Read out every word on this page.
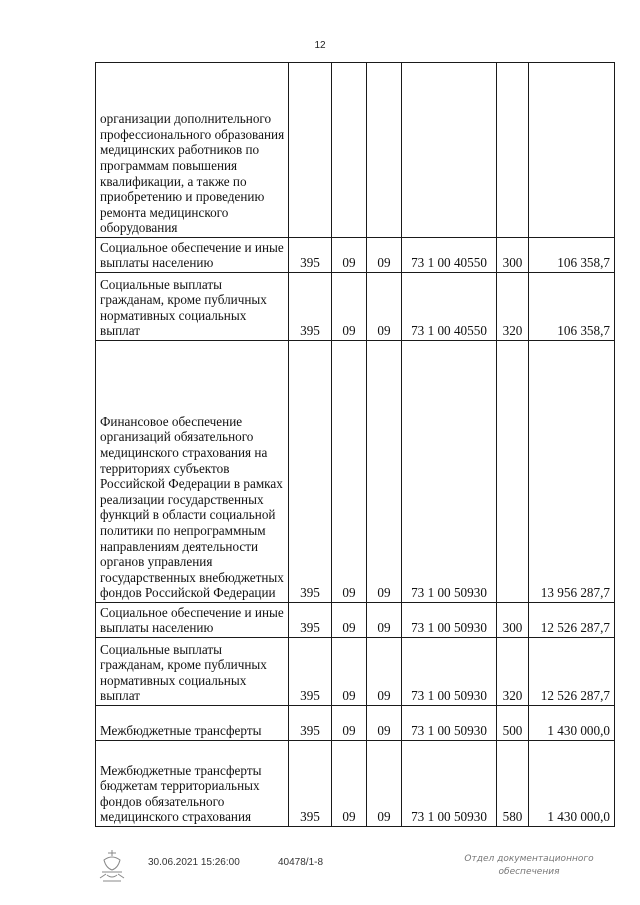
12
организации дополнительного профессионального образования медицинских работников по программам повышения квалификации, а также по приобретению и проведению ремонта медицинского оборудования						
Социальное обеспечение и иные выплаты населению	395	09	09	73 1 00 40550	300	106 358,7
Социальные выплаты гражданам, кроме публичных нормативных социальных выплат	395	09	09	73 1 00 40550	320	106 358,7
Финансовое обеспечение организаций обязательного медицинского страхования на территориях субъектов Российской Федерации в рамках реализации государственных функций в области социальной политики по непрограммным направлениям деятельности органов управления государственных внебюджетных фондов Российской Федерации	395	09	09	73 1 00 50930		13 956 287,7
Социальное обеспечение и иные выплаты населению	395	09	09	73 1 00 50930	300	12 526 287,7
Социальные выплаты гражданам, кроме публичных нормативных социальных выплат	395	09	09	73 1 00 50930	320	12 526 287,7
Межбюджетные трансферты	395	09	09	73 1 00 50930	500	1 430 000,0
Межбюджетные трансферты бюджетам территориальных фондов обязательного медицинского страхования	395	09	09	73 1 00 50930	580	1 430 000,0
30.06.2021 15:26:00	40478/1-8	Отдел документационного обеспечения
